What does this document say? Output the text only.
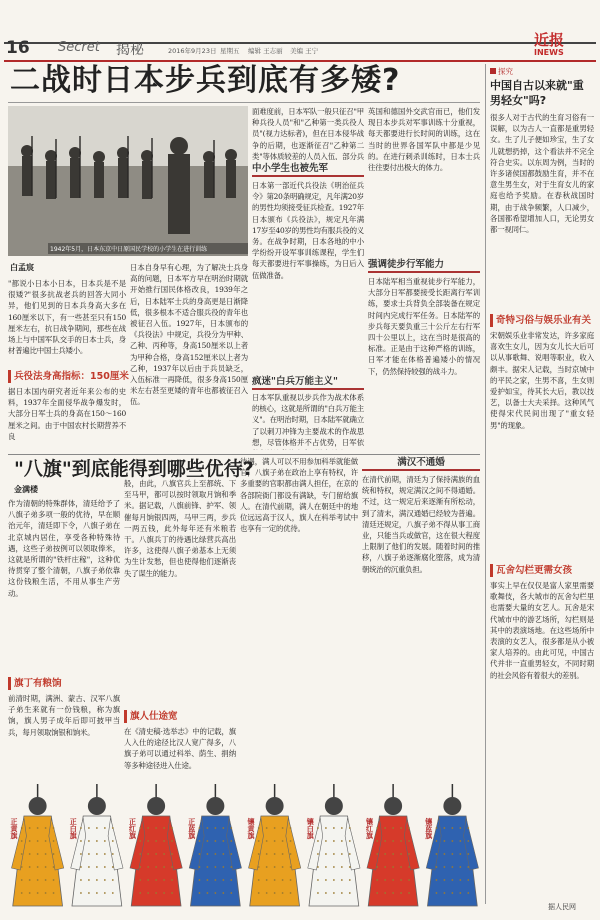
16 Secret 揭秘	2016年9月23日 星期五 编辑 王志丽 美编 王宁
近报
INEWS
二战时日本步兵到底有多矮?
1942年5月，日本东京中日原国民学校的小学生在进行训练
白孟宸
"都说小日本小日本，日本兵是不是很矮?"很多抗战老兵的回答大同小异，他们见到的日本兵身高大多在160厘米以下，有一些甚至只有150厘米左右，抗日战争期间，那些在战场上与中国军队交手的日本士兵，身材普遍比中国士兵矮小。
兵役法身高指标：150厘米
据日本国内研究者近年来公布的史料，1937年全面侵华战争爆发时，大部分日军士兵的身高在150～160厘米之间。由于中国农村长期营养不良
日本自身早有心理，为了解决士兵身高的问题，日本军方早在明治时期就开始推行国民体格改良，1939年之后，日本陆军士兵的身高更是日渐降低，很多根本不适合服兵役的青年也被征召入伍。1927年，日本颁布的《兵役法》中规定，兵役分为甲种、乙种、丙种等，身高150厘米以上者为甲种合格，身高152厘米以上者为乙种，1937年以后由于兵员缺乏，入伍标准一再降低，很多身高150厘米左右甚至更矮的青年也都被征召入伍。
面难度前，日本军队一般只征召"甲种兵役人员"和"乙种第一类兵役人员"(视力达标者)，但在日本侵华战争的后期，也逐渐征召"乙种第二类"等体质较差的人员入伍，部分兵
中小学生也被先军
日本第一部近代兵役法《明治征兵令》第20条明确规定，凡年满20岁的男性均须接受征兵检查。1927年日本颁布《兵役法》，规定凡年满17岁至40岁的男性均有服兵役的义务。在战争时期，日本各地的中小学纷纷开设军事训练课程，学生们每天都要进行军事操练，为日后入伍做准备。
疯迷"白兵万能主义"
日本军队重视以步兵作为战术体系的核心，这就是所谓的"白兵万能主义"。在明治时期，日本陆军就确立了以刺刀冲锋为主要战术的作战思想，尽管体格并不占优势，日军依
英国和德国外交武官而已，他们发现日本步兵对军事训练十分重视，每天都要进行长时间的训练，这在当时的世界各国军队中都是少见的。在进行刺杀训练时，日本士兵往往要付出极大的体力。
强调徒步行军能力
日本陆军相当重视徒步行军能力，大部分日军都要接受长距离行军训练，要求士兵背负全部装备在规定时间内完成行军任务。日本陆军的步兵每天要负重三十公斤左右行军四十公里以上，这在当时是很高的标准。正是由于这种严格的训练，日军才能在体格普遍矮小的情况下，仍然保持较强的战斗力。
探究
中国自古以来就"重男轻女"吗?
很多人对于古代的生育习俗有一误解，以为古人一直都是重男轻女。生了儿子便如珍宝，生了女儿就想扔掉，这个看法并不完全符合史实。以东周为例，当时的许多诸侯国都鼓励生育，并不在意生男生女，对于生育女儿的家庭也给予奖励。在春秋战国时期，由于战争频繁，人口减少，各国都希望增加人口，无论男女都一视同仁。
奇特习俗与娱乐业有关
宋朝娱乐业非常发达，许多家庭喜欢生女儿，因为女儿长大后可以从事歌舞、说唱等职业，收入颇丰。据宋人记载，当时京城中的平民之家，生男不喜，生女则爱护如宝，待其长大后，教以技艺，以备士大夫采择。这种风气使得宋代民间出现了"重女轻男"的现象。
瓦舍勾栏更需女孩
事实上早在仅仅是富人家里需要歌舞伎，各大城市的瓦舍勾栏里也需要大量的女艺人。瓦舍是宋代城市中的游艺场所，勾栏则是其中的表演场地。在这些场所中表演的女艺人，很多都是从小被家人培养的。由此可见，中国古代并非一直重男轻女，不同时期的社会风俗有着很大的差别。
据人民网
"八旗"到底能得到哪些优待?
金满楼
作为清朝的特殊群体，清廷给予了八旗子弟多项一般的优待，早在顺治元年，清廷即下令，八旗子弟在北京城内居住，享受各种特殊待遇，这些子弟按例可以领取俸米，这就是所谓的"铁杆庄稼"，这种优待贯穿了整个清朝，八旗子弟依靠这份钱粮生活，不用从事生产劳动。
旗丁有粮饷
前清时期，满洲、蒙古、汉军八旗子弟生来就有一份钱粮，称为旗饷，旗人男子成年后即可披甲当兵，每月领取饷银和饷米。
般，由此，八旗官兵上至都统、下至马甲，都可以按时领取月饷和季米。据记载，八旗前锋、护军、领催每月饷银四两，马甲三两，步兵一两五钱，此外每年还有米粮若干。八旗兵丁的待遇比绿营兵高出许多，这使得八旗子弟基本上无须为生计发愁，但也使得他们逐渐丧失了谋生的能力。
旗人仕途宽
在《清史稿·选举志》中的记载，旗人入仕的途径比汉人宽广得多，八旗子弟可以通过科举、荫生、捐纳等多种途径进入仕途。
待遇，满人可以不用参加科举就能做官，八旗子弟在政治上享有特权，许多重要的官职都由满人担任，在京的各部院衙门都设有满缺，专门留给旗人。在清代前期，满人在朝廷中的地位远远高于汉人，旗人在科举考试中也享有一定的优待。
满汉不通婚
在清代前期，清廷为了保持满族的血统和特权，规定满汉之间不得通婚。不过，这一规定后来逐渐有所松动，到了清末，满汉通婚已经较为普遍。清廷还规定，八旗子弟不得从事工商业，只能当兵或做官，这在很大程度上限制了他们的发展。随着时间的推移，八旗子弟逐渐腐化堕落，成为清朝统治的沉重负担。
正黄旗	正白旗	正红旗	正蓝旗	镶黄旗	镶白旗	镶红旗	镶蓝旗
